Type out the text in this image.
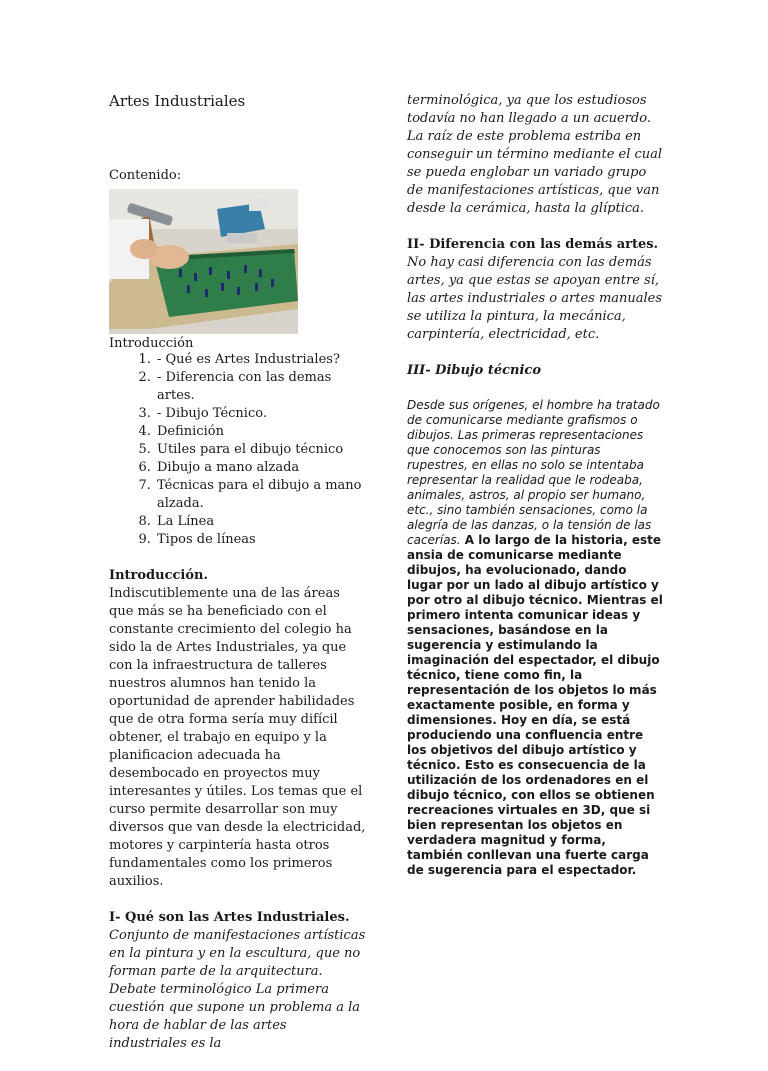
Artes Industriales

Contenido:

Introducción

1. - Qué es Artes Industriales?
2. - Diferencia con las demas artes.
3. - Dibujo Técnico.
4. Definición
5. Utiles para el dibujo técnico
6. Dibujo a mano alzada
7. Técnicas para el dibujo a mano alzada.
8. La Línea
9. Tipos de líneas

Introducción.

Indiscutiblemente una de las áreas que más se ha beneficiado con el constante crecimiento del colegio ha sido la de Artes Industriales, ya que con la infraestructura de talleres nuestros alumnos han tenido la oportunidad de aprender habilidades que de otra forma sería muy difícil obtener, el trabajo en equipo y la planificacion adecuada ha desembocado en proyectos muy interesantes y útiles. Los temas que el curso permite desarrollar son muy diversos que van desde la electricidad, motores y carpintería hasta otros fundamentales como los primeros auxilios.

I- Qué son las Artes Industriales.

Conjunto de manifestaciones artísticas en la pintura y en la escultura, que no forman parte de la arquitectura. Debate terminológico La primera cuestión que supone un problema a la hora de hablar de las artes industriales es la

terminológica, ya que los estudiosos todavía no han llegado a un acuerdo. La raíz de este problema estriba en conseguir un término mediante el cual se pueda englobar un variado grupo de manifestaciones artísticas, que van desde la cerámica, hasta la glíptica.

II- Diferencia con las demás artes.

No hay casi diferencia con las demás artes, ya que estas se apoyan entre sí, las artes industriales o artes manuales se utiliza la pintura, la mecánica, carpintería, electricidad, etc.

III- Dibujo técnico

Desde sus orígenes, el hombre ha tratado de comunicarse mediante grafismos o dibujos. Las primeras representaciones que conocemos son las pinturas rupestres, en ellas no solo se intentaba representar la realidad que le rodeaba, animales, astros, al propio ser humano, etc., sino también sensaciones, como la alegría de las danzas, o la tensión de las cacerías. A lo largo de la historia, este ansia de comunicarse mediante dibujos, ha evolucionado, dando lugar por un lado al dibujo artístico y por otro al dibujo técnico. Mientras el primero intenta comunicar ideas y sensaciones, basándose en la sugerencia y estimulando la imaginación del espectador, el dibujo técnico, tiene como fin, la representación de los objetos lo más exactamente posible, en forma y dimensiones. Hoy en día, se está produciendo una confluencia entre los objetivos del dibujo artístico y técnico. Esto es consecuencia de la utilización de los ordenadores en el dibujo técnico, con ellos se obtienen recreaciones virtuales en 3D, que si bien representan los objetos en verdadera magnitud y forma, también conllevan una fuerte carga de sugerencia para el espectador.
